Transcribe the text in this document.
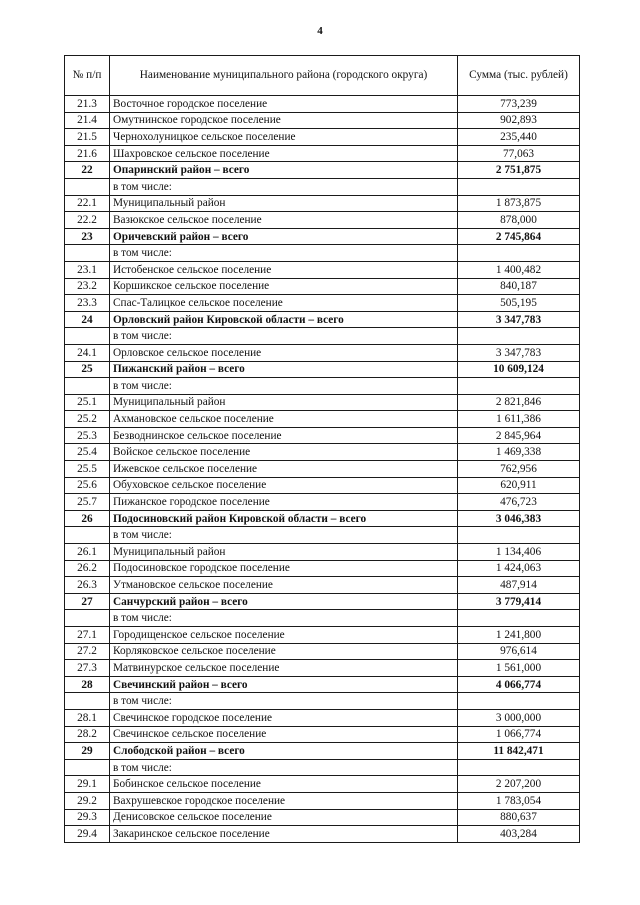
4
№ п/п	Наименование муниципального района (городского округа)	Сумма (тыс. рублей)
21.3	Восточное городское поселение	773,239
21.4	Омутнинское городское поселение	902,893
21.5	Чернохолуницкое сельское поселение	235,440
21.6	Шахровское сельское поселение	77,063
22	Опаринский район – всего	2 751,875
	в том числе:	
22.1	Муниципальный район	1 873,875
22.2	Вазюкское сельское поселение	878,000
23	Оричевский район – всего	2 745,864
	в том числе:	
23.1	Истобенское сельское поселение	1 400,482
23.2	Коршикское сельское поселение	840,187
23.3	Спас-Талицкое сельское поселение	505,195
24	Орловский район Кировской области – всего	3 347,783
	в том числе:	
24.1	Орловское сельское поселение	3 347,783
25	Пижанский район – всего	10 609,124
	в том числе:	
25.1	Муниципальный район	2 821,846
25.2	Ахмановское сельское поселение	1 611,386
25.3	Безводнинское сельское поселение	2 845,964
25.4	Войское сельское поселение	1 469,338
25.5	Ижевское сельское поселение	762,956
25.6	Обуховское сельское поселение	620,911
25.7	Пижанское городское поселение	476,723
26	Подосиновский район Кировской области – всего	3 046,383
	в том числе:	
26.1	Муниципальный район	1 134,406
26.2	Подосиновское городское поселение	1 424,063
26.3	Утмановское сельское поселение	487,914
27	Санчурский район – всего	3 779,414
	в том числе:	
27.1	Городищенское сельское поселение	1 241,800
27.2	Корляковское сельское поселение	976,614
27.3	Матвинурское сельское поселение	1 561,000
28	Свечинский район – всего	4 066,774
	в том числе:	
28.1	Свечинское городское поселение	3 000,000
28.2	Свечинское сельское поселение	1 066,774
29	Слободской район – всего	11 842,471
	в том числе:	
29.1	Бобинское сельское поселение	2 207,200
29.2	Вахрушевское городское поселение	1 783,054
29.3	Денисовское сельское поселение	880,637
29.4	Закаринское сельское поселение	403,284
